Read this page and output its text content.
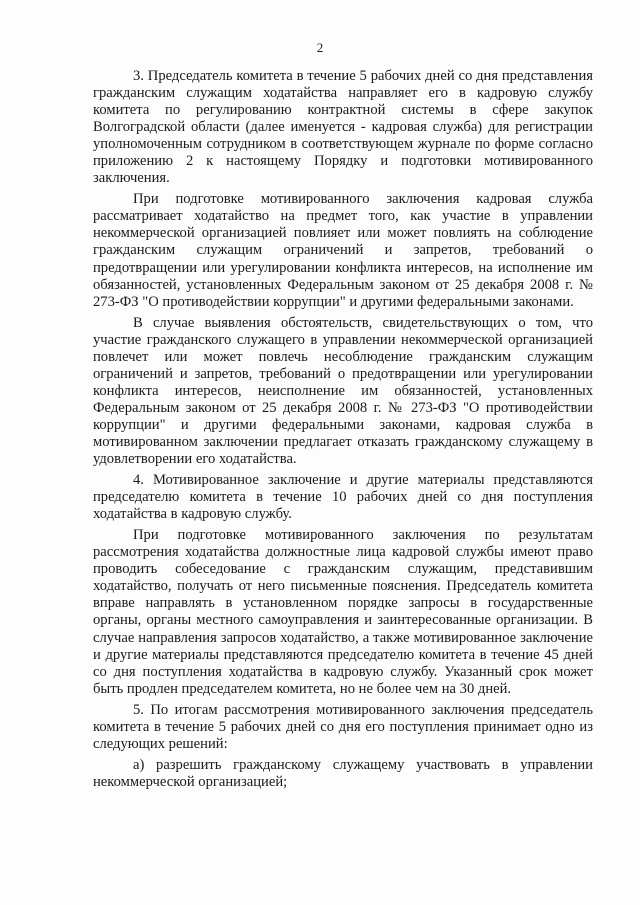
2

3. Председатель комитета в течение 5 рабочих дней со дня представления гражданским служащим ходатайства направляет его в кадровую службу комитета по регулированию контрактной системы в сфере закупок Волгоградской области (далее именуется - кадровая служба) для регистрации уполномоченным сотрудником в соответствующем журнале по форме согласно приложению 2 к настоящему Порядку и подготовки мотивированного заключения.

При подготовке мотивированного заключения кадровая служба рассматривает ходатайство на предмет того, как участие в управлении некоммерческой организацией повлияет или может повлиять на соблюдение гражданским служащим ограничений и запретов, требований о предотвращении или урегулировании конфликта интересов, на исполнение им обязанностей, установленных Федеральным законом от 25 декабря 2008 г. № 273-ФЗ "О противодействии коррупции" и другими федеральными законами.

В случае выявления обстоятельств, свидетельствующих о том, что участие гражданского служащего в управлении некоммерческой организацией повлечет или может повлечь несоблюдение гражданским служащим ограничений и запретов, требований о предотвращении или урегулировании конфликта интересов, неисполнение им обязанностей, установленных Федеральным законом от 25 декабря 2008 г. № 273-ФЗ "О противодействии коррупции" и другими федеральными законами, кадровая служба в мотивированном заключении предлагает отказать гражданскому служащему в удовлетворении его ходатайства.

4. Мотивированное заключение и другие материалы представляются председателю комитета в течение 10 рабочих дней со дня поступления ходатайства в кадровую службу.

При подготовке мотивированного заключения по результатам рассмотрения ходатайства должностные лица кадровой службы имеют право проводить собеседование с гражданским служащим, представившим ходатайство, получать от него письменные пояснения. Председатель комитета вправе направлять в установленном порядке запросы в государственные органы, органы местного самоуправления и заинтересованные организации. В случае направления запросов ходатайство, а также мотивированное заключение и другие материалы представляются председателю комитета в течение 45 дней со дня поступления ходатайства в кадровую службу. Указанный срок может быть продлен председателем комитета, но не более чем на 30 дней.

5. По итогам рассмотрения мотивированного заключения председатель комитета в течение 5 рабочих дней со дня его поступления принимает одно из следующих решений:

а) разрешить гражданскому служащему участвовать в управлении некоммерческой организацией;
